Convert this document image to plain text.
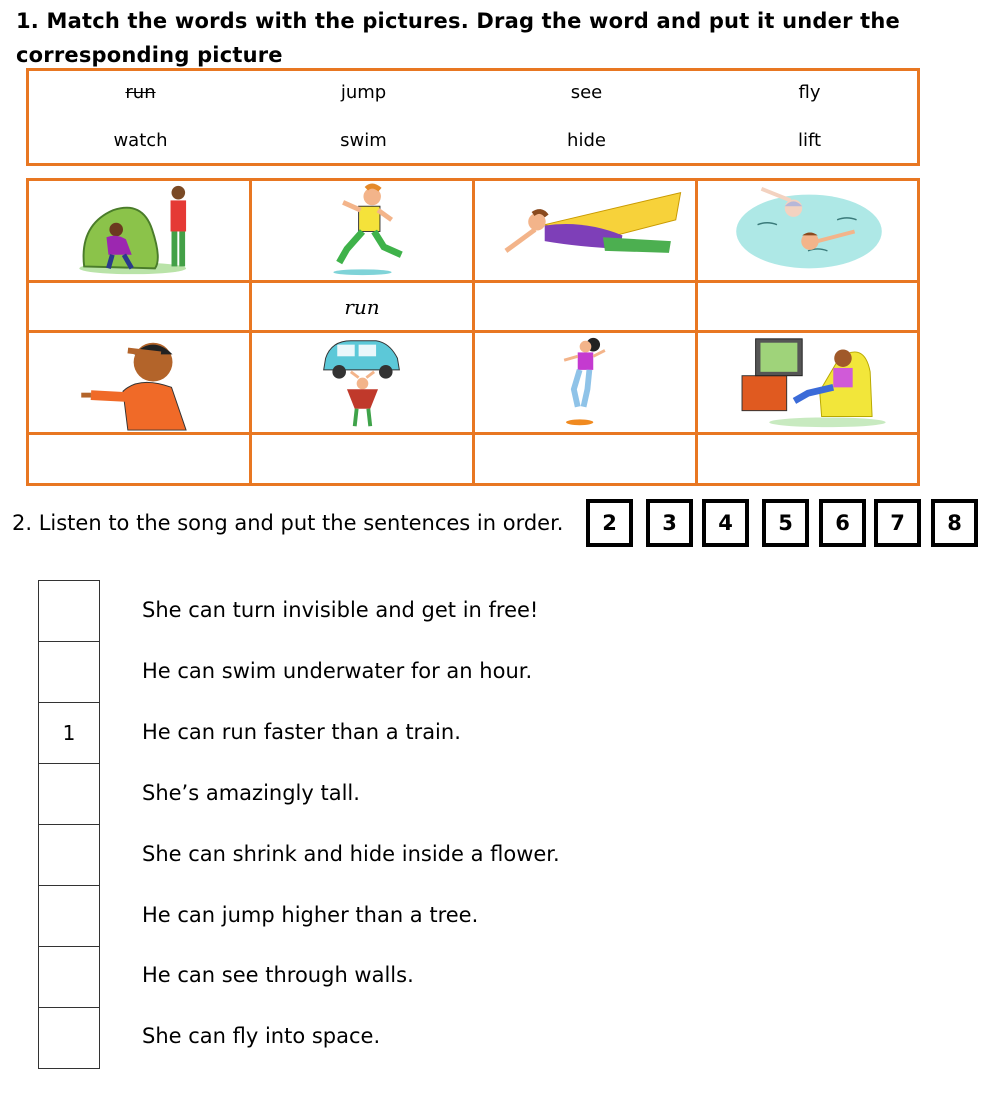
1. Match the words with the pictures. Drag the word and put it under the corresponding picture
run	jump	see	fly
watch	swim	hide	lift
run
2. Listen to the song and put the sentences in order.	2	3	4	5	6	7	8
She can turn invisible and get in free!
He can swim underwater for an hour.
1	He can run faster than a train.
She’s amazingly tall.
She can shrink and hide inside a flower.
He can jump higher than a tree.
He can see through walls.
She can fly into space.
